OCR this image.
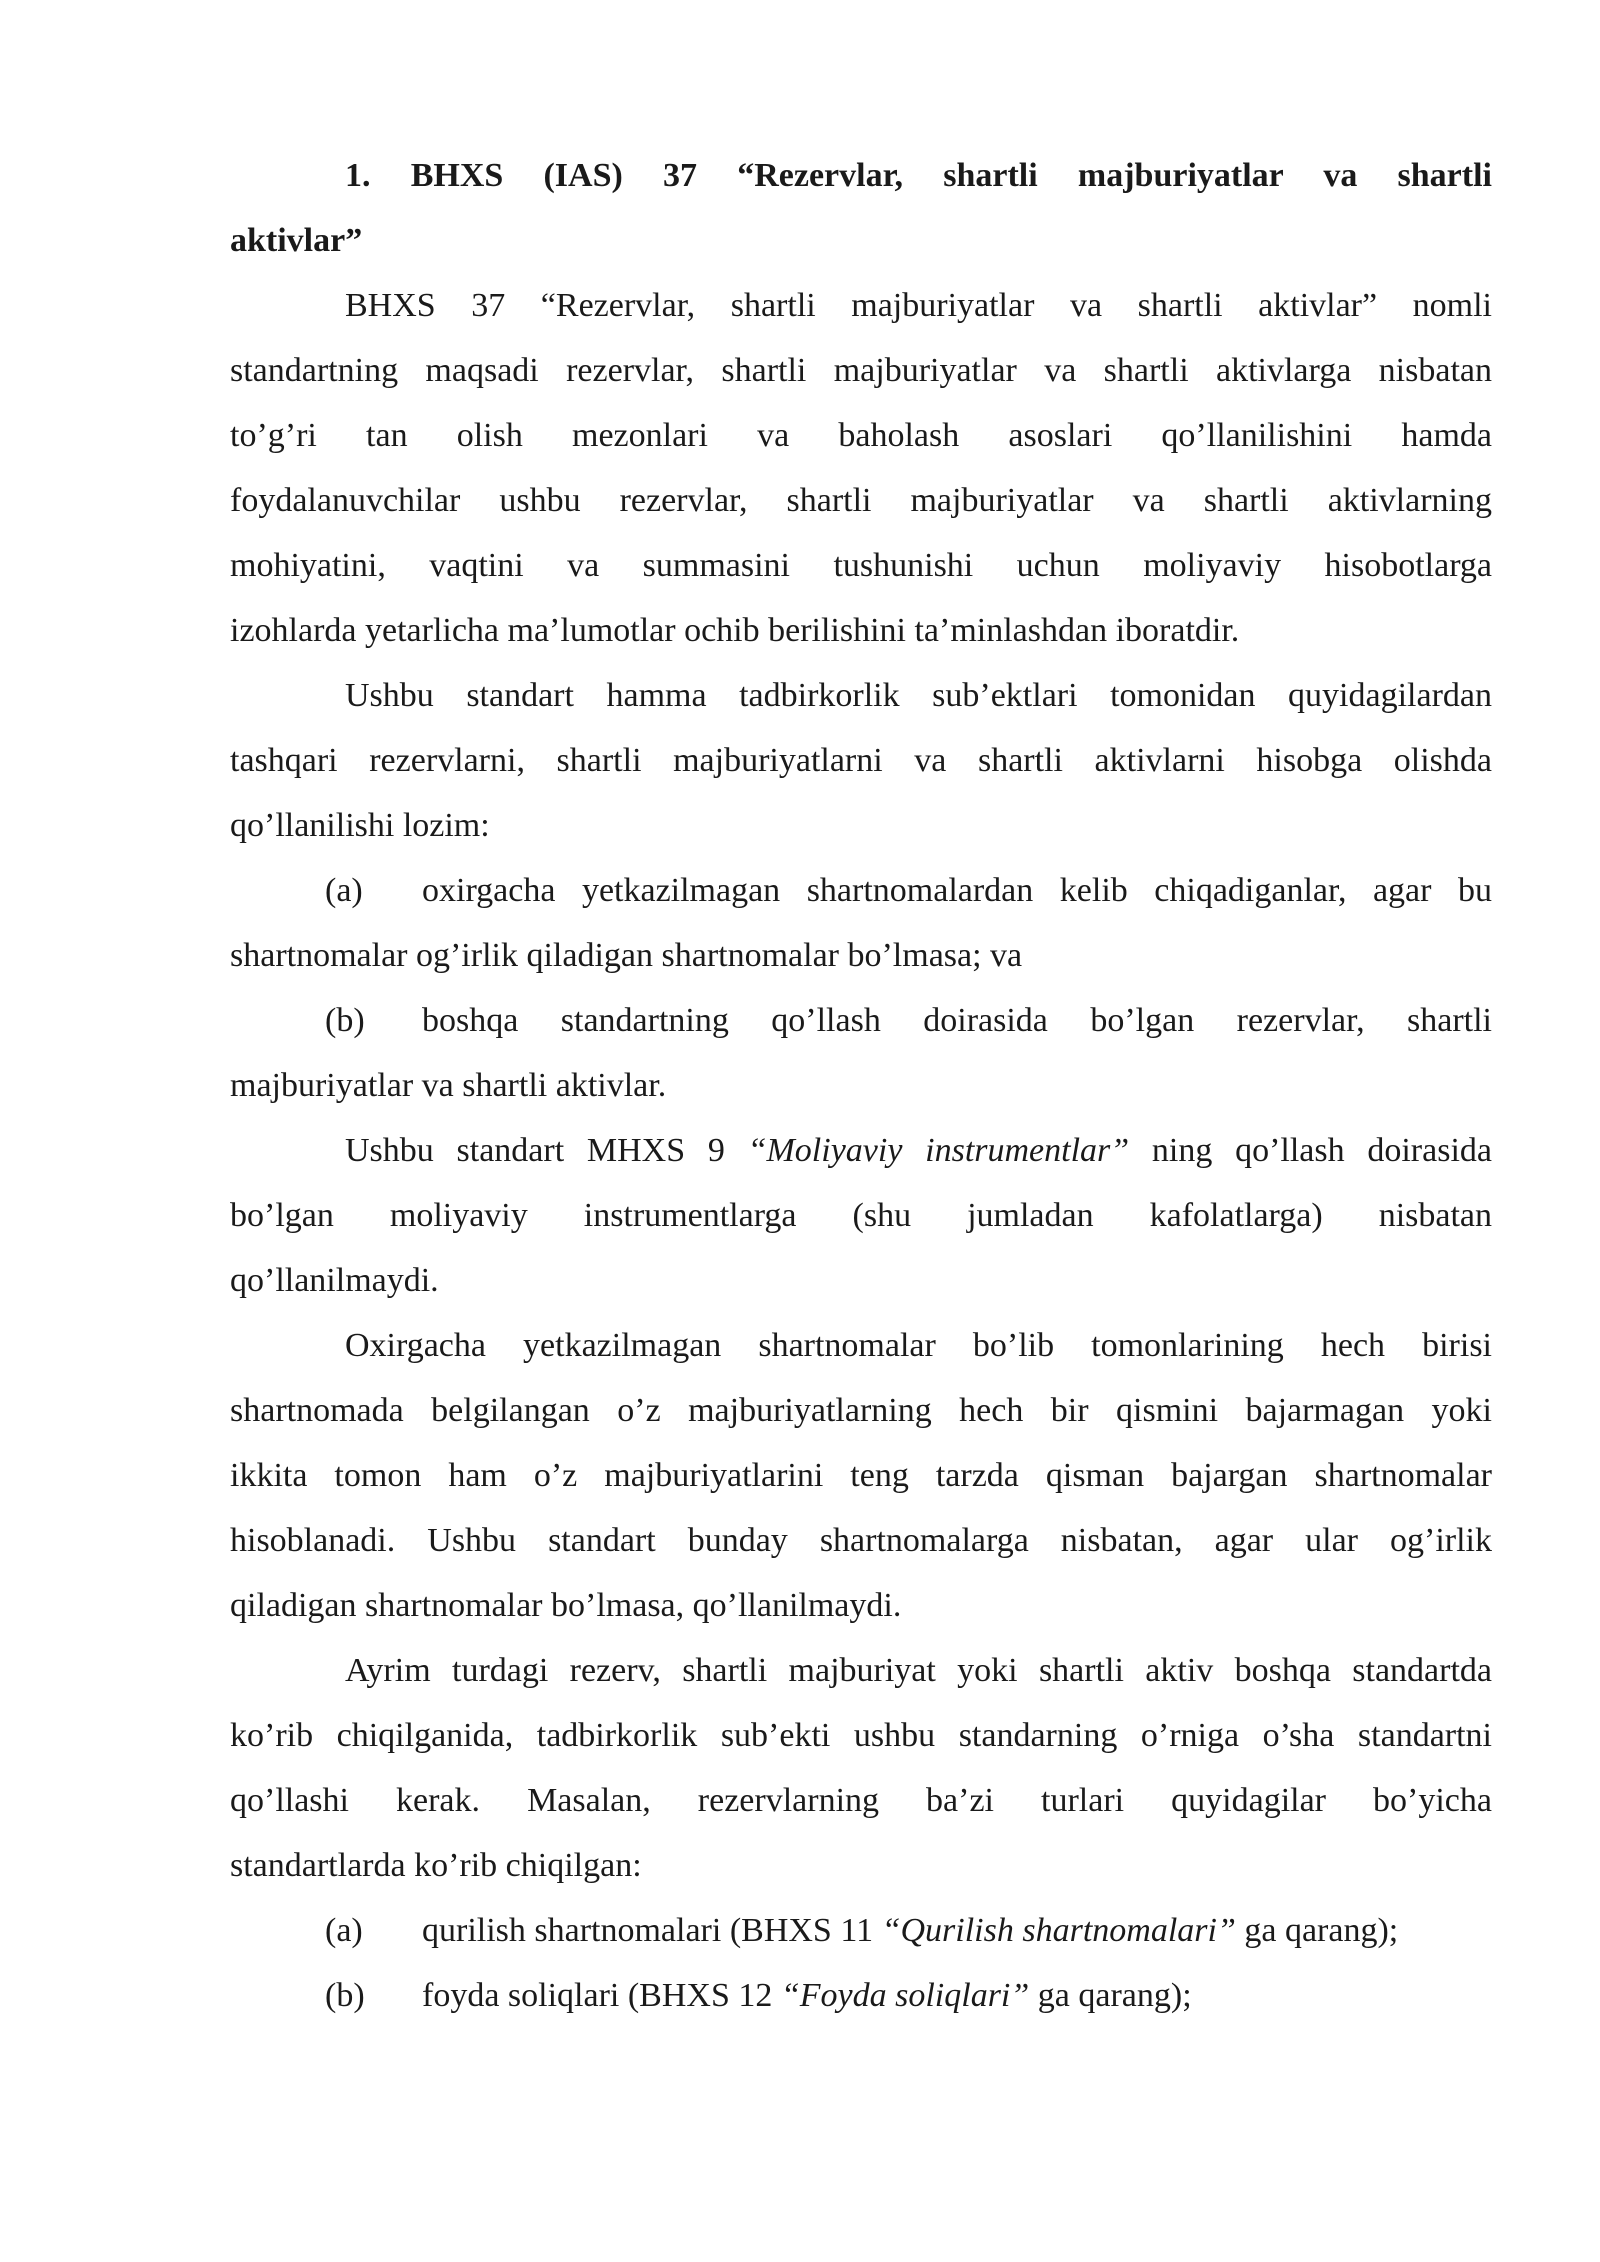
1. BHXS (IAS) 37 “Rezervlar, shartli majburiyatlar va shartli
aktivlar”
BHXS 37 “Rezervlar, shartli majburiyatlar va shartli aktivlar” nomli
standartning maqsadi rezervlar, shartli majburiyatlar va shartli aktivlarga nisbatan
to’g’ri tan olish mezonlari va baholash asoslari qo’llanilishini hamda
foydalanuvchilar ushbu rezervlar, shartli majburiyatlar va shartli aktivlarning
mohiyatini, vaqtini va summasini tushunishi uchun moliyaviy hisobotlarga
izohlarda yetarlicha ma’lumotlar ochib berilishini ta’minlashdan iboratdir.
Ushbu standart hamma tadbirkorlik sub’ektlari tomonidan quyidagilardan
tashqari rezervlarni, shartli majburiyatlarni va shartli aktivlarni hisobga olishda
qo’llanilishi lozim:
(a) oxirgacha yetkazilmagan shartnomalardan kelib chiqadiganlar, agar bu
shartnomalar og’irlik qiladigan shartnomalar bo’lmasa; va
(b) boshqa standartning qo’llash doirasida bo’lgan rezervlar, shartli
majburiyatlar va shartli aktivlar.
Ushbu standart MHXS 9 “Moliyaviy instrumentlar” ning qo’llash doirasida
bo’lgan moliyaviy instrumentlarga (shu jumladan kafolatlarga) nisbatan
qo’llanilmaydi.
Oxirgacha yetkazilmagan shartnomalar bo’lib tomonlarining hech birisi
shartnomada belgilangan o’z majburiyatlarning hech bir qismini bajarmagan yoki
ikkita tomon ham o’z majburiyatlarini teng tarzda qisman bajargan shartnomalar
hisoblanadi. Ushbu standart bunday shartnomalarga nisbatan, agar ular og’irlik
qiladigan shartnomalar bo’lmasa, qo’llanilmaydi.
Ayrim turdagi rezerv, shartli majburiyat yoki shartli aktiv boshqa standartda
ko’rib chiqilganida, tadbirkorlik sub’ekti ushbu standarning o’rniga o’sha standartni
qo’llashi kerak. Masalan, rezervlarning ba’zi turlari quyidagilar bo’yicha
standartlarda ko’rib chiqilgan:
(a) qurilish shartnomalari (BHXS 11 “Qurilish shartnomalari” ga qarang);
(b) foyda soliqlari (BHXS 12 “Foyda soliqlari” ga qarang);
